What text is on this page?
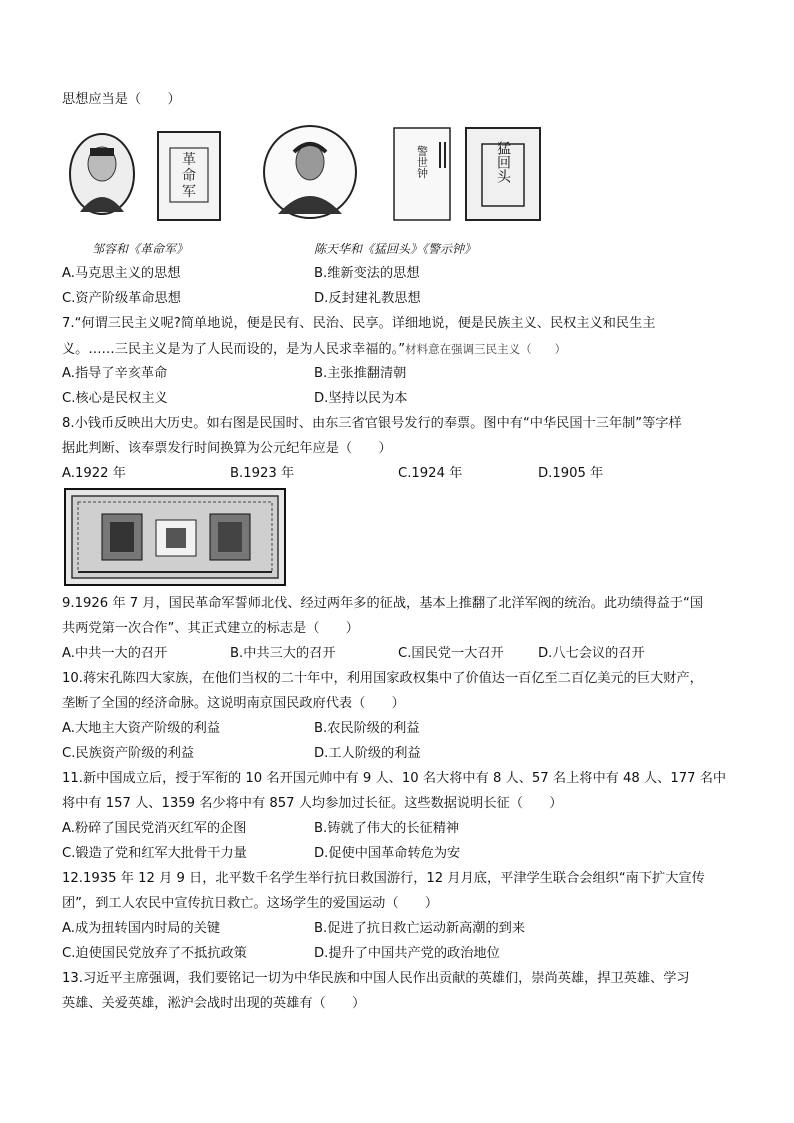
思想应当是（　　）
革
命
军
警世钟	猛回头
邹容和《革命军》	陈天华和《猛回头》《警示钟》
A.马克思主义的思想	B.维新变法的思想
C.资产阶级革命思想	D.反封建礼教思想
7.“何谓三民主义呢?简单地说，便是民有、民治、民享。详细地说，便是民族主义、民权主义和民生主
义。……三民主义是为了人民而设的，是为人民求幸福的。”材料意在强调三民主义（　　）
A.指导了辛亥革命	B.主张推翻清朝
C.核心是民权主义	D.坚持以民为本
8.小钱币反映出大历史。如右图是民国时、由东三省官银号发行的奉票。图中有“中华民国十三年制”等字样
据此判断、该奉票发行时间换算为公元纪年应是（　　）
A.1922 年	B.1923 年	C.1924 年	D.1905 年
9.1926 年 7 月，国民革命军誓师北伐、经过两年多的征战，基本上推翻了北洋军阀的统治。此功绩得益于“国
共两党第一次合作”、其正式建立的标志是（　　）
A.中共一大的召开	B.中共三大的召开	C.国民党一大召开	D.八七会议的召开
10.蒋宋孔陈四大家族，在他们当权的二十年中，利用国家政权集中了价值达一百亿至二百亿美元的巨大财产，
垄断了全国的经济命脉。这说明南京国民政府代表（　　）
A.大地主大资产阶级的利益	B.农民阶级的利益
C.民族资产阶级的利益	D.工人阶级的利益
11.新中国成立后，授于军衔的 10 名开国元帅中有 9 人、10 名大将中有 8 人、57 名上将中有 48 人、177 名中
将中有 157 人、1359 名少将中有 857 人均参加过长征。这些数据说明长征（　　）
A.粉碎了国民党消灭红军的企图	B.铸就了伟大的长征精神
C.锻造了党和红军大批骨干力量	D.促使中国革命转危为安
12.1935 年 12 月 9 日，北平数千名学生举行抗日救国游行，12 月月底，平津学生联合会组织“南下扩大宣传
团”，到工人农民中宣传抗日救亡。这场学生的爱国运动（　　）
A.成为扭转国内时局的关键	B.促进了抗日救亡运动新高潮的到来
C.迫使国民党放弃了不抵抗政策	D.提升了中国共产党的政治地位
13.习近平主席强调，我们要铭记一切为中华民族和中国人民作出贡献的英雄们，崇尚英雄，捍卫英雄、学习
英雄、关爱英雄，淞沪会战时出现的英雄有（　　）
